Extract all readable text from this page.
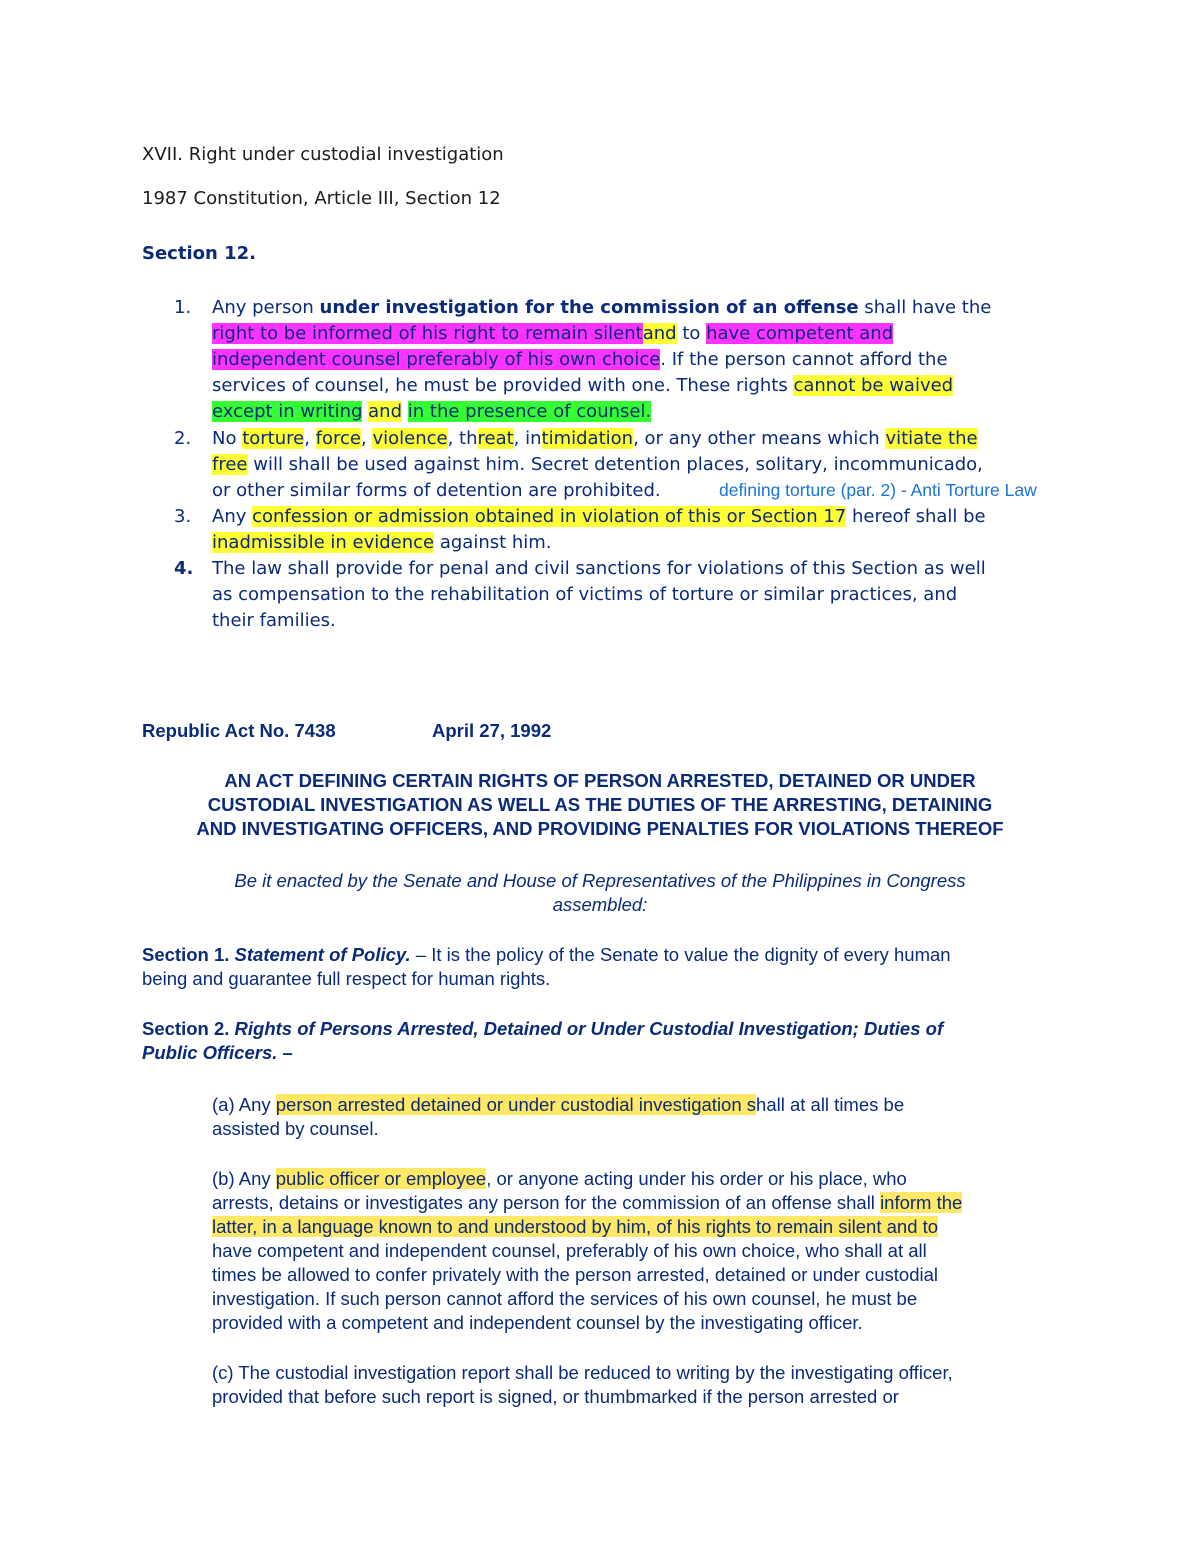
XVII. Right under custodial investigation
1987 Constitution, Article III, Section 12
Section 12.
1. Any person under investigation for the commission of an offense shall have the
right to be informed of his right to remain silentand to have competent and
independent counsel preferably of his own choice. If the person cannot afford the
services of counsel, he must be provided with one. These rights cannot be waived
except in writing and in the presence of counsel.
2. No torture, force, violence, threat, intimidation, or any other means which vitiate the
free will shall be used against him. Secret detention places, solitary, incommunicado,
or other similar forms of detention are prohibited.	defining torture (par. 2) - Anti Torture Law
3. Any confession or admission obtained in violation of this or Section 17 hereof shall be
inadmissible in evidence against him.
4. The law shall provide for penal and civil sanctions for violations of this Section as well
as compensation to the rehabilitation of victims of torture or similar practices, and
their families.
Republic Act No. 7438	April 27, 1992
AN ACT DEFINING CERTAIN RIGHTS OF PERSON ARRESTED, DETAINED OR UNDER
CUSTODIAL INVESTIGATION AS WELL AS THE DUTIES OF THE ARRESTING, DETAINING
AND INVESTIGATING OFFICERS, AND PROVIDING PENALTIES FOR VIOLATIONS THEREOF
Be it enacted by the Senate and House of Representatives of the Philippines in Congress
assembled:
Section 1. Statement of Policy. – It is the policy of the Senate to value the dignity of every human
being and guarantee full respect for human rights.
Section 2. Rights of Persons Arrested, Detained or Under Custodial Investigation; Duties of
Public Officers. –
(a) Any person arrested detained or under custodial investigation shall at all times be
assisted by counsel.
(b) Any public officer or employee, or anyone acting under his order or his place, who
arrests, detains or investigates any person for the commission of an offense shall inform the
latter, in a language known to and understood by him, of his rights to remain silent and to
have competent and independent counsel, preferably of his own choice, who shall at all
times be allowed to confer privately with the person arrested, detained or under custodial
investigation. If such person cannot afford the services of his own counsel, he must be
provided with a competent and independent counsel by the investigating officer.
(c) The custodial investigation report shall be reduced to writing by the investigating officer,
provided that before such report is signed, or thumbmarked if the person arrested or
